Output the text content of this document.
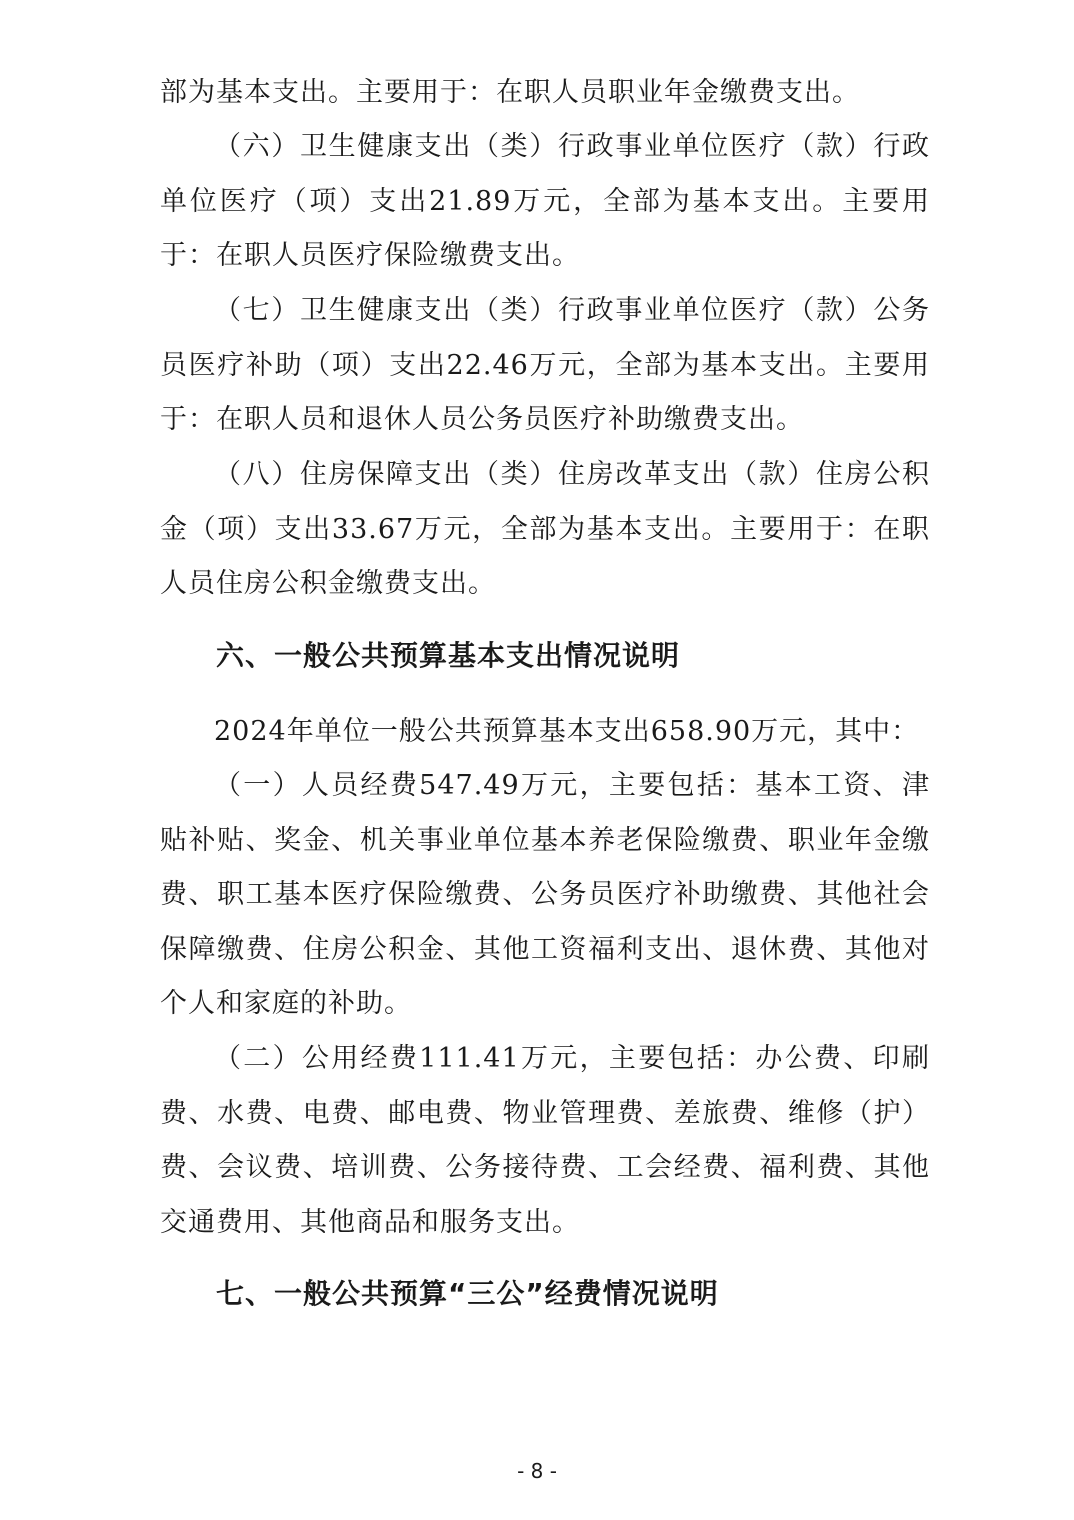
部为基本支出。主要用于：在职人员职业年金缴费支出。

（六）卫生健康支出（类）行政事业单位医疗（款）行政单位医疗（项）支出21.89万元，全部为基本支出。主要用于：在职人员医疗保险缴费支出。

（七）卫生健康支出（类）行政事业单位医疗（款）公务员医疗补助（项）支出22.46万元，全部为基本支出。主要用于：在职人员和退休人员公务员医疗补助缴费支出。

（八）住房保障支出（类）住房改革支出（款）住房公积金（项）支出33.67万元，全部为基本支出。主要用于：在职人员住房公积金缴费支出。

六、一般公共预算基本支出情况说明

2024年单位一般公共预算基本支出658.90万元，其中：

（一）人员经费547.49万元，主要包括：基本工资、津贴补贴、奖金、机关事业单位基本养老保险缴费、职业年金缴费、职工基本医疗保险缴费、公务员医疗补助缴费、其他社会保障缴费、住房公积金、其他工资福利支出、退休费、其他对个人和家庭的补助。

（二）公用经费111.41万元，主要包括：办公费、印刷费、水费、电费、邮电费、物业管理费、差旅费、维修（护）费、会议费、培训费、公务接待费、工会经费、福利费、其他交通费用、其他商品和服务支出。

七、一般公共预算“三公”经费情况说明
- 8 -
